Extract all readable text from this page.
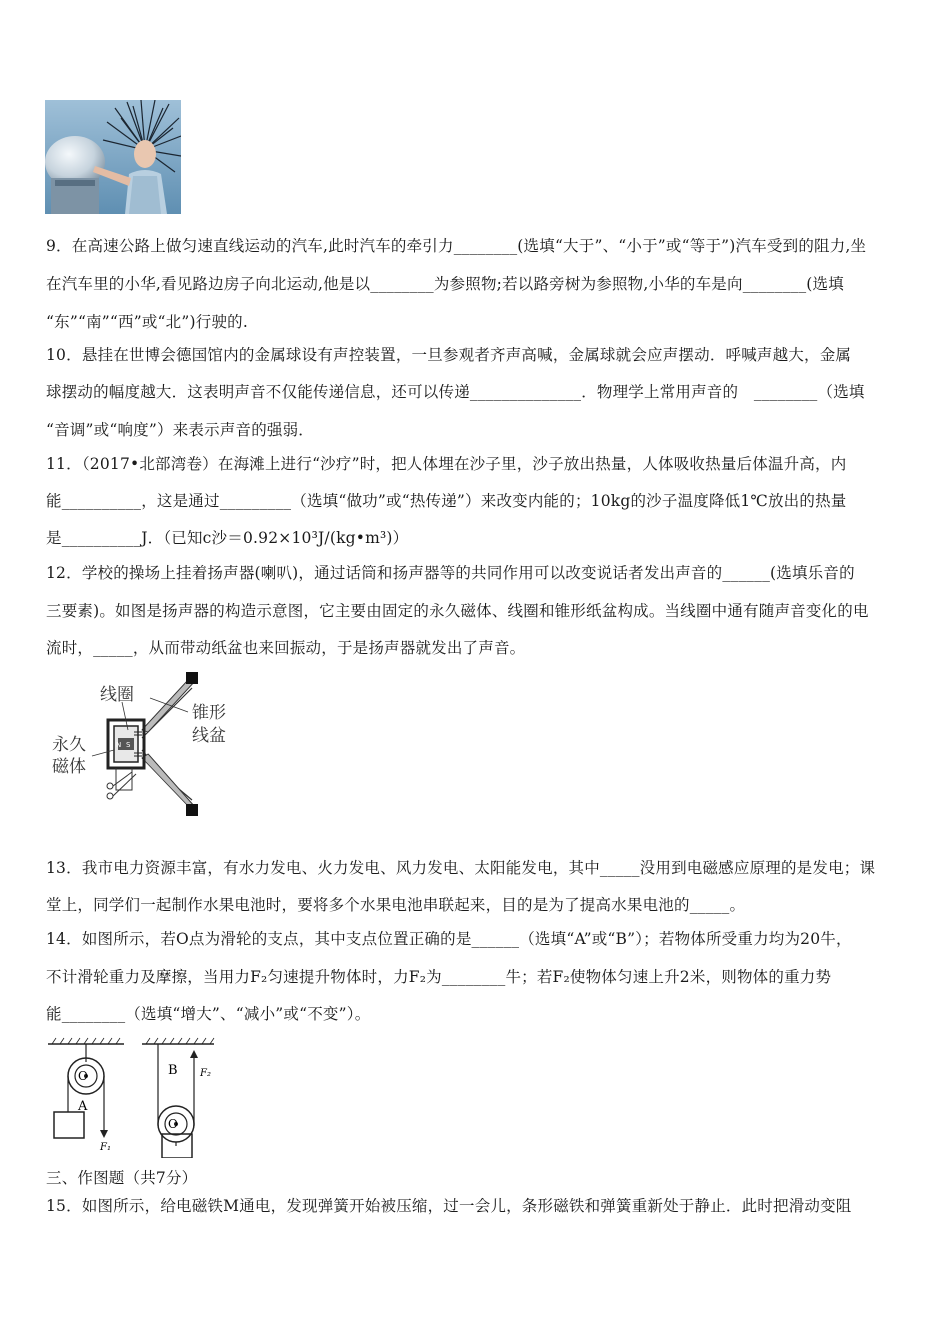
9．在高速公路上做匀速直线运动的汽车,此时汽车的牵引力________(选填“大于”、“小于”或“等于”)汽车受到的阻力,坐
在汽车里的小华,看见路边房子向北运动,他是以________为参照物;若以路旁树为参照物,小华的车是向________(选填
“东”“南”“西”或“北”)行驶的.
10．悬挂在世博会德国馆内的金属球设有声控装置，一旦参观者齐声高喊，金属球就会应声摆动．呼喊声越大，金属
球摆动的幅度越大．这表明声音不仅能传递信息，还可以传递______________．物理学上常用声音的　________（选填
“音调”或“响度”）来表示声音的强弱．
11．（2017•北部湾卷）在海滩上进行“沙疗”时，把人体埋在沙子里，沙子放出热量，人体吸收热量后体温升高，内
能__________，这是通过_________（选填“做功”或“热传递”）来改变内能的；10kg的沙子温度降低1℃放出的热量
是__________J．（已知c沙＝0.92×10³J/(kg•m³)）
12．学校的操场上挂着扬声器(喇叭)，通过话筒和扬声器等的共同作用可以改变说话者发出声音的______(选填乐音的
三要素)。如图是扬声器的构造示意图，它主要由固定的永久磁体、线圈和锥形纸盆构成。当线圈中通有随声音变化的电
流时，_____，从而带动纸盆也来回振动，于是扬声器就发出了声音。
N S
线圈
锥形
线盆
永久
磁体
13．我市电力资源丰富，有水力发电、火力发电、风力发电、太阳能发电，其中_____没用到电磁感应原理的是发电；课
堂上，同学们一起制作水果电池时，要将多个水果电池串联起来，目的是为了提高水果电池的_____。
14．如图所示，若O点为滑轮的支点，其中支点位置正确的是______（选填“A”或“B”）；若物体所受重力均为20牛，
不计滑轮重力及摩擦，当用力F₂匀速提升物体时，力F₂为________牛；若F₂使物体匀速上升2米，则物体的重力势
能________（选填“增大”、“减小”或“不变”）。
O
A
F₁
B
O
F₂
三、作图题（共7分）
15．如图所示，给电磁铁M通电，发现弹簧开始被压缩，过一会儿，条形磁铁和弹簧重新处于静止．此时把滑动变阻
